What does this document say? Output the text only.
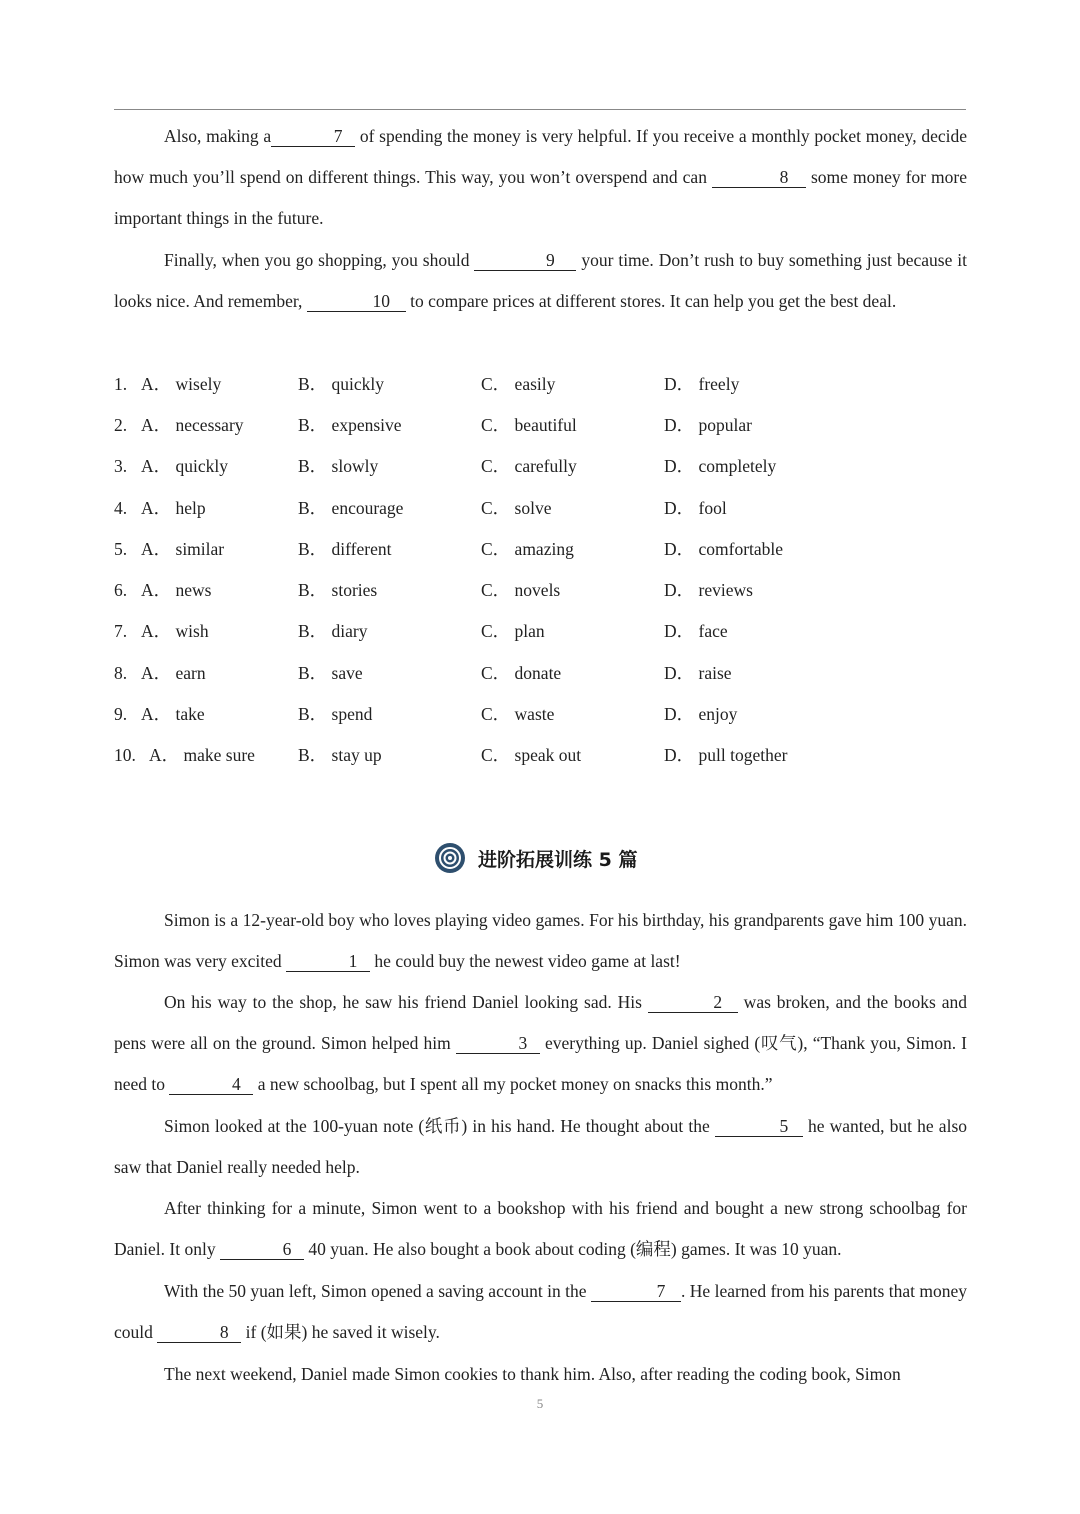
Also, making a	7 of spending the money is very helpful. If you receive a monthly pocket money, decide how much you’ll spend on different things. This way, you won’t overspend and can	8 some money for more important things in the future.

Finally, when you go shopping, you should	9 your time. Don’t rush to buy something just because it looks nice. And remember,	10 to compare prices at different stores. It can help you get the best deal.

1. A． wisely	B． quickly	C． easily	D． freely
2. A． necessary	B． expensive	C． beautiful	D． popular
3. A． quickly	B． slowly	C． carefully	D． completely
4. A． help	B． encourage	C． solve	D． fool
5. A． similar	B． different	C． amazing	D． comfortable
6. A． news	B． stories	C． novels	D． reviews
7. A． wish	B． diary	C． plan	D． face
8. A． earn	B． save	C． donate	D． raise
9. A． take	B． spend	C． waste	D． enjoy
10. A． make sure B． stay up	C． speak out	D． pull together
进阶拓展训练 5 篇

Simon is a 12-year-old boy who loves playing video games. For his birthday, his grandparents gave him 100 yuan. Simon was very excited	1 he could buy the newest video game at last!

On his way to the shop, he saw his friend Daniel looking sad. His	2 was broken, and the books and pens were all on the ground. Simon helped him	3 everything up. Daniel sighed (叹气), “Thank you, Simon. I need to	4 a new schoolbag, but I spent all my pocket money on snacks this month.”

Simon looked at the 100-yuan note (纸币) in his hand. He thought about the	5 he wanted, but he also saw that Daniel really needed help.

After thinking for a minute, Simon went to a bookshop with his friend and bought a new strong schoolbag for Daniel. It only	6 40 yuan. He also bought a book about coding (编程) games. It was 10 yuan.

With the 50 yuan left, Simon opened a saving account in the	7 . He learned from his parents that money could	8 if (如果) he saved it wisely.

The next weekend, Daniel made Simon cookies to thank him. Also, after reading the coding book, Simon

5
